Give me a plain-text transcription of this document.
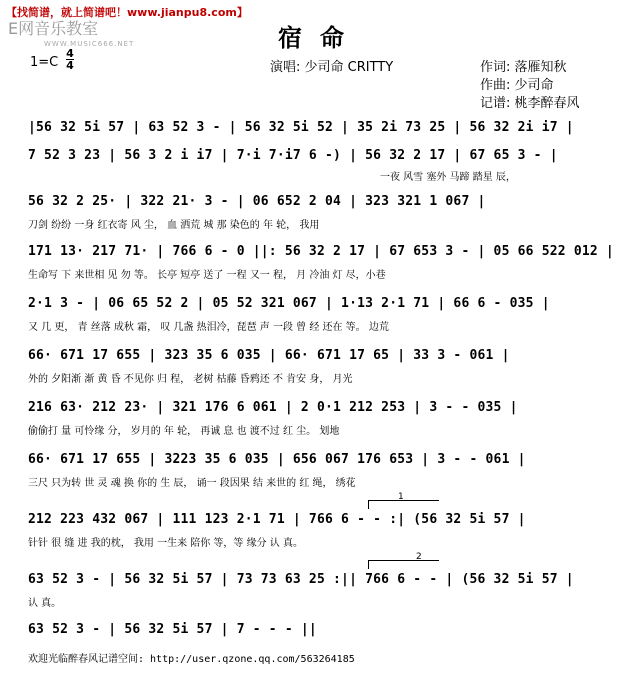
【找简谱，就上简谱吧！www.jianpu8.com】
E网音乐教室
WWW.MUSIC666.NET	宿命
1=C
4
4	演唱: 少司命 CRITTY	作词: 落雁知秋
作曲: 少司命
记谱: 桃李醉春风
|56 32 5i 57 | 63 52 3 - | 56 32 5i 52 | 35 2i 73 25 | 56 32 2i i7 |
7 52 3 23 | 56 3 2 i i7 | 7·i 7·i7 6 -) | 56 32 2 17 | 67 65 3 - |
一夜 风雪 塞外 马蹄 踏星 辰，
56 32 2 25· | 322 21· 3 - | 06 652 2 04 | 323 321 1 067 |
刀剑 纷纷 一身 红衣寄 风 尘， 血 洒荒 城 那 染色的 年 轮， 我用
171 13· 217 71· | 766 6 - 0 ||: 56 32 2 17 | 67 653 3 - | 05 66 522 012 |
生命写 下 来世相 见 勿 等。 长亭 短亭 送了 一程 又一 程， 月 冷油 灯 尽，小巷
2·1 3 - | 06 65 52 2 | 05 52 321 067 | 1·13 2·1 71 | 66 6 - 035 |
又 几 更， 青 丝落 成秋 霜， 叹 几盏 热泪冷，琵琶 声 一段 曾 经 还在 等。 边荒
66· 671 17 655 | 323 35 6 035 | 66· 671 17 65 | 33 3 - 061 |
外的 夕阳渐 渐 黄 昏 不见你 归 程， 老树 枯藤 昏鸦还 不 肯安 身， 月光
216 63· 212 23· | 321 176 6 061 | 2 0·1 212 253 | 3 - - 035 |
偷偷打 量 可怜缘 分， 岁月的 年 轮， 再诚 息 也 渡不过 红 尘。 划地
66· 671 17 655 | 3223 35 6 035 | 656 067 176 653 | 3 - - 061 |
三尺 只为转 世 灵 魂 换 你的 生 辰， 诵一 段因果 结 来世的 红 绳， 绣花
1
212 223 432 067 | 111 123 2·1 71 | 766 6 - - :| (56 32 5i 57 |
针针 很 缝 进 我的枕， 我用 一生来 陪你 等，等 缘分 认 真。
2
63 52 3 - | 56 32 5i 57 | 73 73 63 25 :|| 766 6 - - | (56 32 5i 57 |
认 真。
63 52 3 - | 56 32 5i 57 | 7 - - - ||
欢迎光临醉春风记谱空间: http://user.qzone.qq.com/563264185
